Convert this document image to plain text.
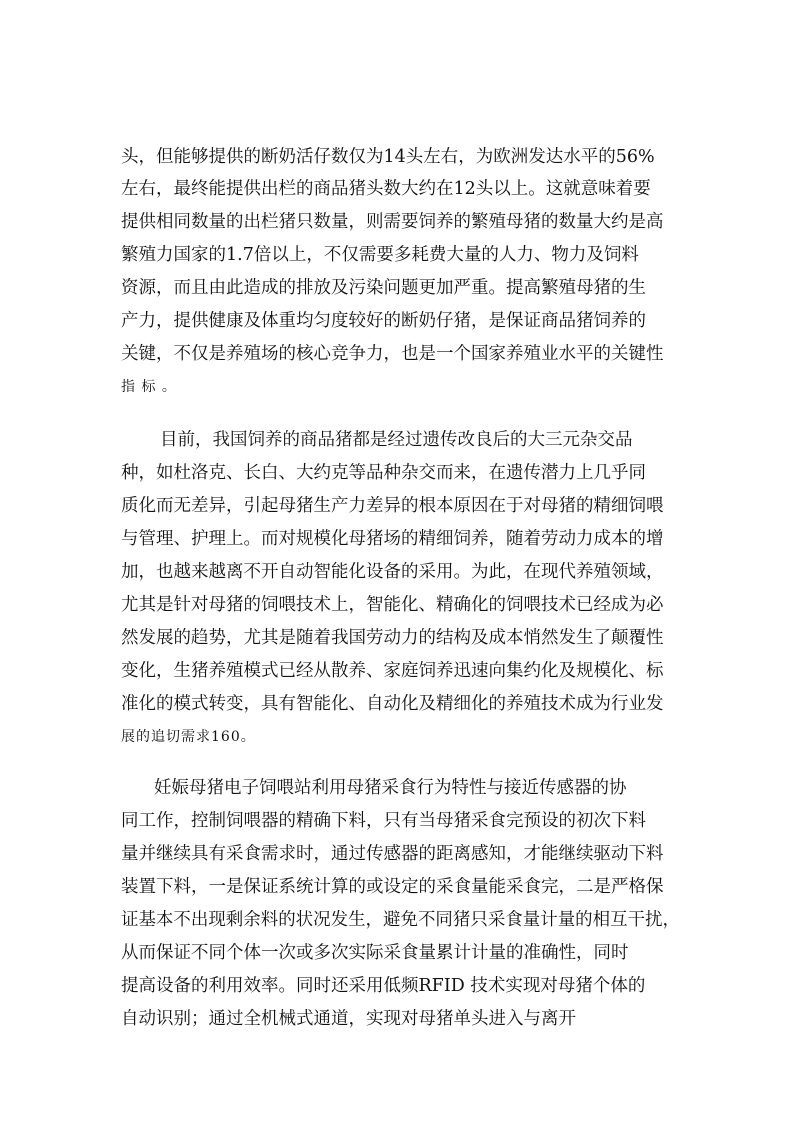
头，但能够提供的断奶活仔数仅为14头左右，为欧洲发达水平的56%
左右，最终能提供出栏的商品猪头数大约在12头以上。这就意味着要
提供相同数量的出栏猪只数量，则需要饲养的繁殖母猪的数量大约是高
繁殖力国家的1.7倍以上，不仅需要多耗费大量的人力、物力及饲料
资源，而且由此造成的排放及污染问题更加严重。提高繁殖母猪的生
产力，提供健康及体重均匀度较好的断奶仔猪，是保证商品猪饲养的
关键，不仅是养殖场的核心竞争力，也是一个国家养殖业水平的关键性
指 标 。
目前，我国饲养的商品猪都是经过遗传改良后的大三元杂交品
种，如杜洛克、长白、大约克等品种杂交而来，在遗传潜力上几乎同
质化而无差异，引起母猪生产力差异的根本原因在于对母猪的精细饲喂
与管理、护理上。而对规模化母猪场的精细饲养，随着劳动力成本的增
加，也越来越离不开自动智能化设备的采用。为此，在现代养殖领域，
尤其是针对母猪的饲喂技术上，智能化、精确化的饲喂技术已经成为必
然发展的趋势，尤其是随着我国劳动力的结构及成本悄然发生了颠覆性
变化，生猪养殖模式已经从散养、家庭饲养迅速向集约化及规模化、标
准化的模式转变，具有智能化、自动化及精细化的养殖技术成为行业发
展的追切需求160。
妊娠母猪电子饲喂站利用母猪采食行为特性与接近传感器的协
同工作，控制饲喂器的精确下料，只有当母猪采食完预设的初次下料
量并继续具有采食需求时，通过传感器的距离感知，才能继续驱动下料
装置下料，一是保证系统计算的或设定的采食量能采食完，二是严格保
证基本不出现剩余料的状况发生，避免不同猪只采食量计量的相互干扰，
从而保证不同个体一次或多次实际采食量累计计量的准确性，同时
提高设备的利用效率。同时还采用低频RFID 技术实现对母猪个体的
自动识别；通过全机械式通道，实现对母猪单头进入与离开
